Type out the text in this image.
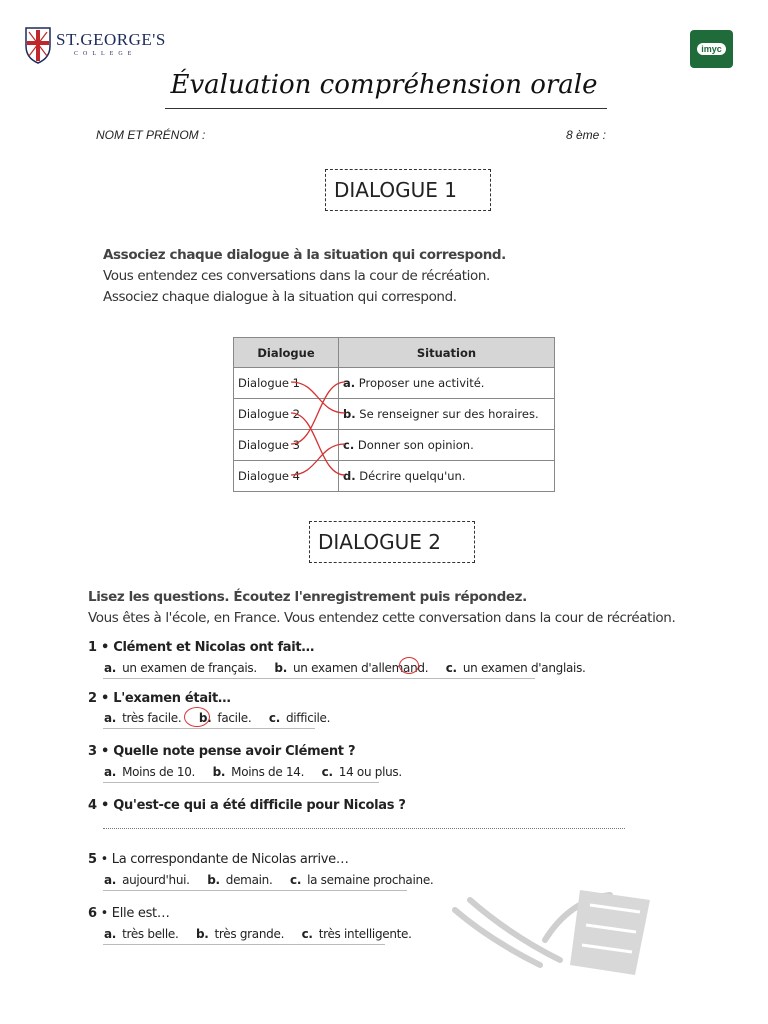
ST.GEORGE'S
COLLEGE	imyc
Évaluation compréhension orale
NOM ET PRÉNOM :	8 ème :
DIALOGUE 1
Associez chaque dialogue à la situation qui correspond.
Vous entendez ces conversations dans la cour de récréation.
Associez chaque dialogue à la situation qui correspond.
Dialogue	Situation
Dialogue 1	a. Proposer une activité.
Dialogue 2	b. Se renseigner sur des horaires.
Dialogue 3	c. Donner son opinion.
Dialogue 4	d. Décrire quelqu'un.
DIALOGUE 2
Lisez les questions. Écoutez l'enregistrement puis répondez.
Vous êtes à l'école, en France. Vous entendez cette conversation dans la cour de récréation.
1 • Clément et Nicolas ont fait…
a. un examen de français. b. un examen d'allemand. c. un examen d'anglais.
2 • L'examen était…
a. très facile. b. facile. c. difficile.
3 • Quelle note pense avoir Clément ?
a. Moins de 10. b. Moins de 14. c. 14 ou plus.
4 • Qu'est-ce qui a été difficile pour Nicolas ?
5 • La correspondante de Nicolas arrive…
a. aujourd'hui. b. demain. c. la semaine prochaine.
6 • Elle est…
a. très belle. b. très grande. c. très intelligente.
